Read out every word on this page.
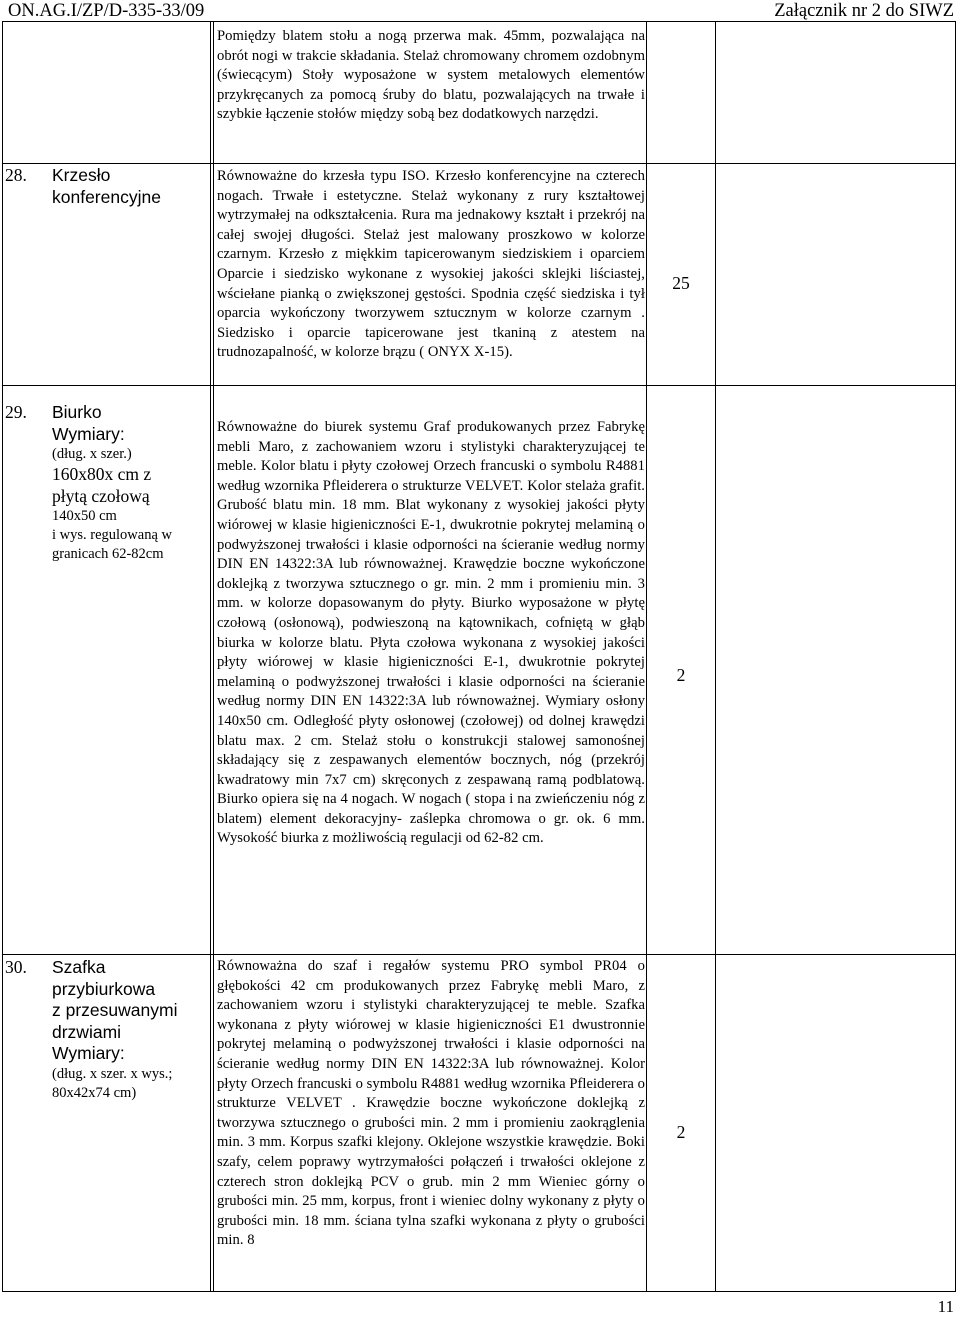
ON.AG.I/ZP/D-335-33/09	Załącznik nr 2 do SIWZ

Pomiędzy blatem stołu a nogą przerwa mak. 45mm, pozwalająca na obrót nogi w trakcie składania. Stelaż chromowany chromem ozdobnym (świecącym) Stoły wyposażone w system metalowych elementów przykręcanych za pomocą śruby do blatu, pozwalających na trwałe i szybkie łączenie stołów między sobą bez dodatkowych narzędzi.

28. Krzesło
konferencyjne

Równoważne do krzesła typu ISO. Krzesło konferencyjne na czterech nogach. Trwałe i estetyczne. Stelaż wykonany z rury kształtowej wytrzymałej na odkształcenia. Rura ma jednakowy kształt i przekrój na całej swojej długości. Stelaż jest malowany proszkowo w kolorze czarnym. Krzesło z miękkim tapicerowanym siedziskiem i oparciem Oparcie i siedzisko wykonane z wysokiej jakości sklejki liściastej, wściełane pianką o zwiększonej gęstości. Spodnia część siedziska i tył oparcia wykończony tworzywem sztucznym w kolorze czarnym . Siedzisko i oparcie tapicerowane jest tkaniną z atestem na trudnozapalność, w kolorze brązu ( ONYX X-15).

25
29. Biurko
Wymiary:
(dług. x szer.)
160x80x cm z
płytą czołową
140x50 cm
i wys. regulowaną w
granicach 62-82cm

Równoważne do biurek systemu Graf produkowanych przez Fabrykę mebli Maro, z zachowaniem wzoru i stylistyki charakteryzującej te meble. Kolor blatu i płyty czołowej Orzech francuski o symbolu R4881 według wzornika Pfleiderera o strukturze VELVET. Kolor stelaża grafit. Grubość blatu min. 18 mm. Blat wykonany z wysokiej jakości płyty wiórowej w klasie higieniczności E-1, dwukrotnie pokrytej melaminą o podwyższonej trwałości i klasie odporności na ścieranie według normy DIN EN 14322:3A lub równoważnej. Krawędzie boczne wykończone doklejką z tworzywa sztucznego o gr. min. 2 mm i promieniu min. 3 mm. w kolorze dopasowanym do płyty. Biurko wyposażone w płytę czołową (osłonową), podwieszoną na kątownikach, cofniętą w głąb biurka w kolorze blatu. Płyta czołowa wykonana z wysokiej jakości płyty wiórowej w klasie higieniczności E-1, dwukrotnie pokrytej melaminą o podwyższonej trwałości i klasie odporności na ścieranie według normy DIN EN 14322:3A lub równoważnej. Wymiary osłony 140x50 cm. Odległość płyty osłonowej (czołowej) od dolnej krawędzi blatu max. 2 cm. Stelaż stołu o konstrukcji stalowej samonośnej składający się z zespawanych elementów bocznych, nóg (przekrój kwadratowy min 7x7 cm) skręconych z zespawaną ramą podblatową. Biurko opiera się na 4 nogach. W nogach ( stopa i na zwieńczeniu nóg z blatem) element dekoracyjny- zaślepka chromowa o gr. ok. 6 mm. Wysokość biurka z możliwością regulacji od 62-82 cm.

2
30. Szafka
przybiurkowa
z przesuwanymi
drzwiami
Wymiary:
(dług. x szer. x wys.;
80x42x74 cm)

Równoważna do szaf i regałów systemu PRO symbol PR04 o głębokości 42 cm produkowanych przez Fabrykę mebli Maro, z zachowaniem wzoru i stylistyki charakteryzującej te meble. Szafka wykonana z płyty wiórowej w klasie higieniczności E1 dwustronnie pokrytej melaminą o podwyższonej trwałości i klasie odporności na ścieranie według normy DIN EN 14322:3A lub równoważnej. Kolor płyty Orzech francuski o symbolu R4881 według wzornika Pfleiderera o strukturze VELVET . Krawędzie boczne wykończone doklejką z tworzywa sztucznego o grubości min. 2 mm i promieniu zaokrąglenia min. 3 mm. Korpus szafki klejony. Oklejone wszystkie krawędzie. Boki szafy, celem poprawy wytrzymałości połączeń i trwałości oklejone z czterech stron doklejką PCV o grub. min 2 mm Wieniec górny o grubości min. 25 mm, korpus, front i wieniec dolny wykonany z płyty o grubości min. 18 mm. ściana tylna szafki wykonana z płyty o grubości min. 8

2
11
